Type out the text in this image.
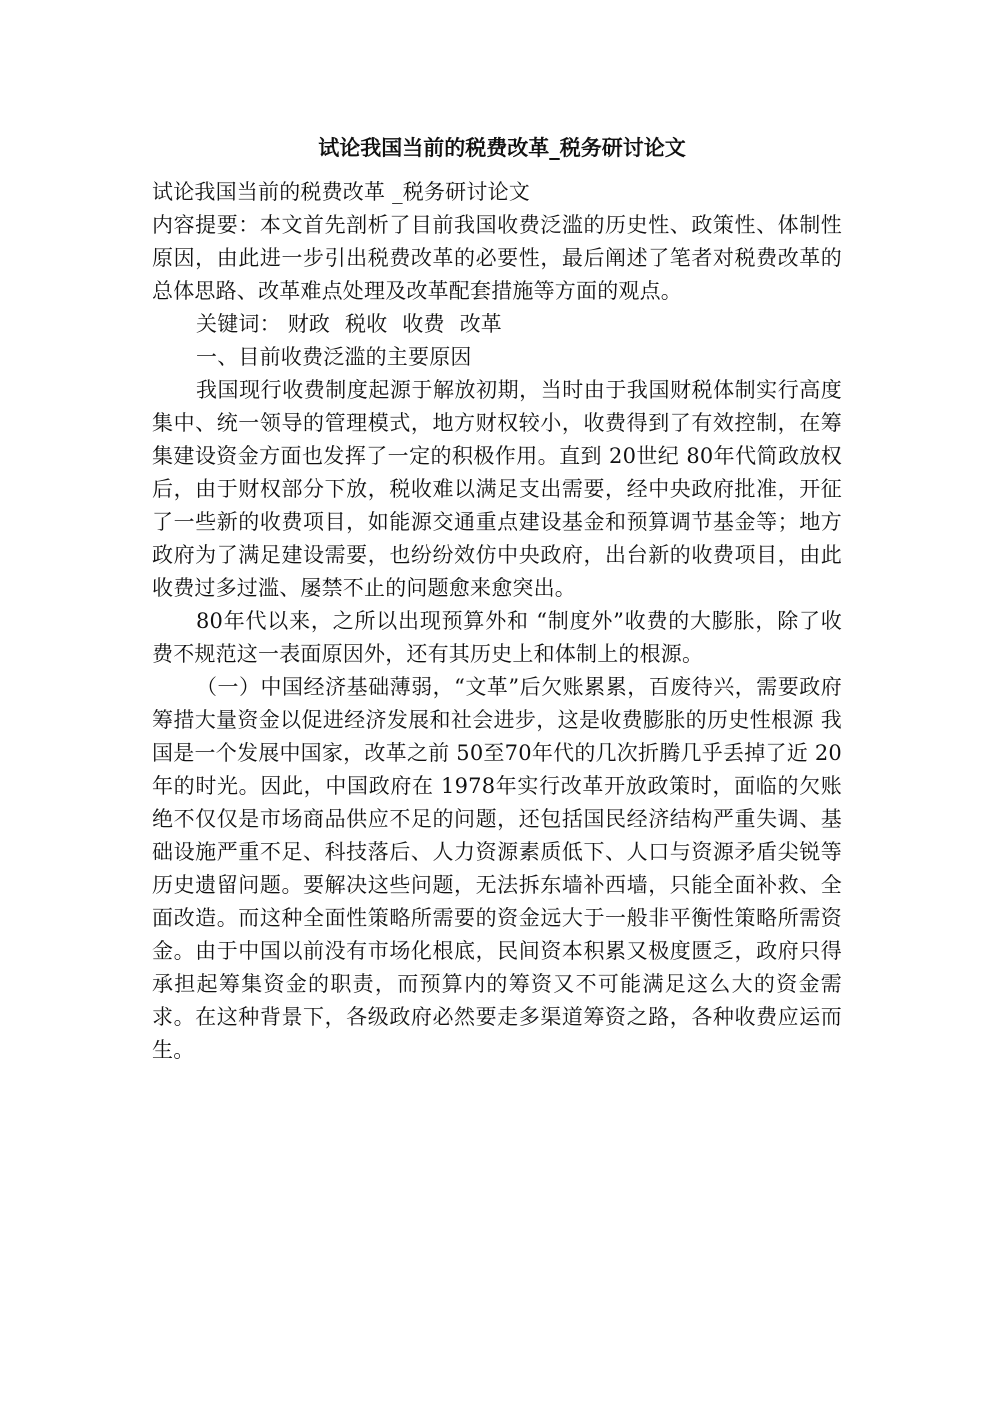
试论我国当前的税费改革_税务研讨论文

试论我国当前的税费改革 _税务研讨论文

内容提要：本文首先剖析了目前我国收费泛滥的历史性、政策性、体制性原因，由此进一步引出税费改革的必要性，最后阐述了笔者对税费改革的总体思路、改革难点处理及改革配套措施等方面的观点。

关键词： 财政 税收 收费 改革

一、目前收费泛滥的主要原因

我国现行收费制度起源于解放初期，当时由于我国财税体制实行高度集中、统一领导的管理模式，地方财权较小，收费得到了有效控制，在筹集建设资金方面也发挥了一定的积极作用。直到 20世纪 80年代简政放权后，由于财权部分下放，税收难以满足支出需要，经中央政府批准，开征了一些新的收费项目，如能源交通重点建设基金和预算调节基金等；地方政府为了满足建设需要，也纷纷效仿中央政府，出台新的收费项目，由此收费过多过滥、屡禁不止的问题愈来愈突出。

80年代以来，之所以出现预算外和 “制度外”收费的大膨胀，除了收费不规范这一表面原因外，还有其历史上和体制上的根源。

（一）中国经济基础薄弱，“文革”后欠账累累，百废待兴，需要政府筹措大量资金以促进经济发展和社会进步，这是收费膨胀的历史性根源 我国是一个发展中国家，改革之前 50至70年代的几次折腾几乎丢掉了近 20年的时光。因此，中国政府在 1978年实行改革开放政策时，面临的欠账绝不仅仅是市场商品供应不足的问题，还包括国民经济结构严重失调、基础设施严重不足、科技落后、人力资源素质低下、人口与资源矛盾尖锐等历史遗留问题。要解决这些问题，无法拆东墙补西墙，只能全面补救、全面改造。而这种全面性策略所需要的资金远大于一般非平衡性策略所需资金。由于中国以前没有市场化根底，民间资本积累又极度匮乏，政府只得承担起筹集资金的职责，而预算内的筹资又不可能满足这么大的资金需求。在这种背景下，各级政府必然要走多渠道筹资之路，各种收费应运而生。
